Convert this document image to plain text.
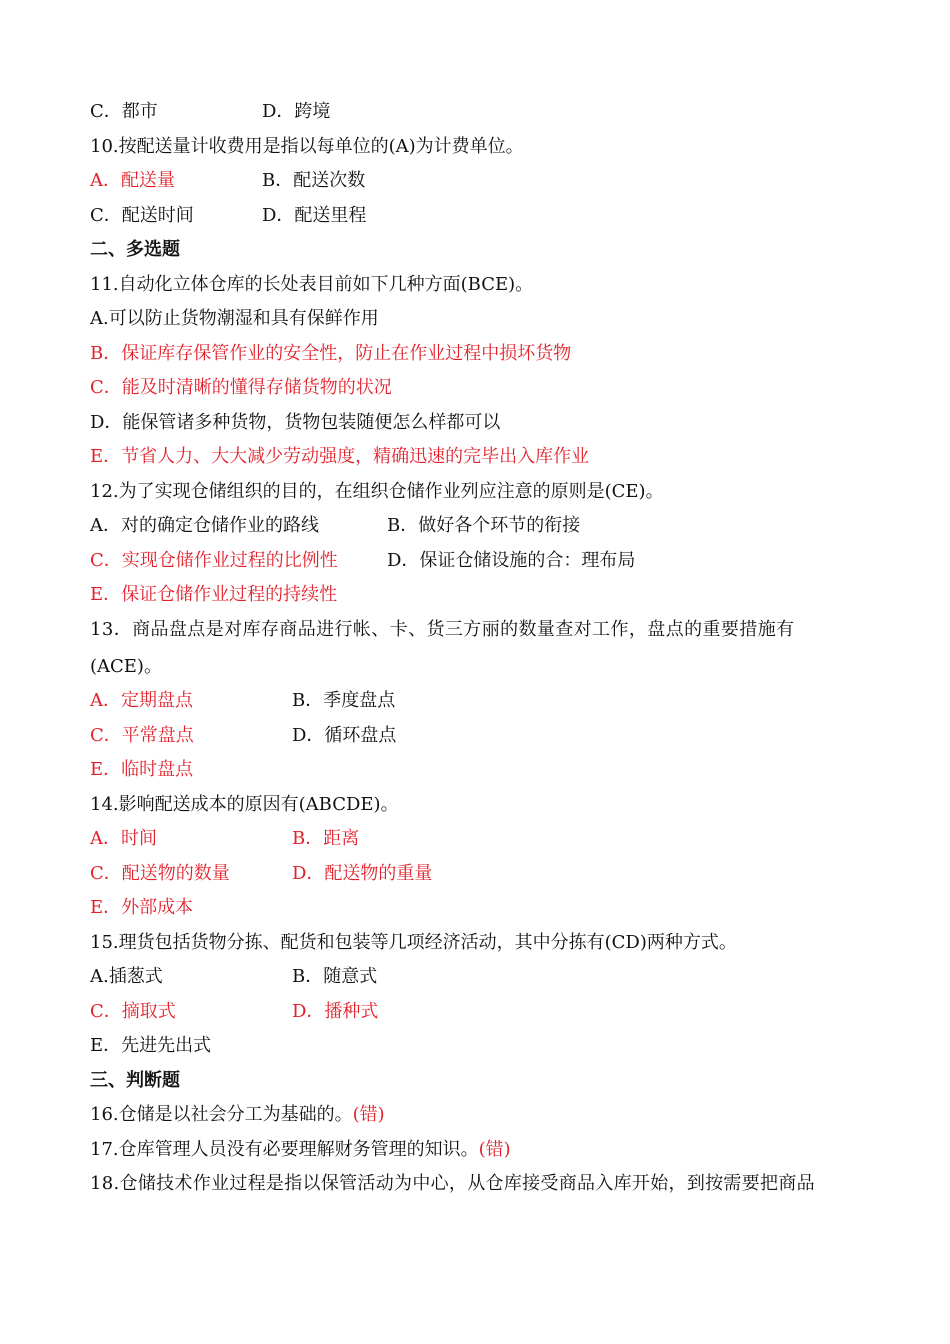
C．都市	D．跨境
10.按配送量计收费用是指以每单位的(A)为计费单位。
A．配送量	B．配送次数
C．配送时间	D．配送里程
二、多选题
11.自动化立体仓库的长处表目前如下几种方面(BCE)。
A.可以防止货物潮湿和具有保鲜作用
B．保证库存保管作业的安全性，防止在作业过程中损坏货物
C．能及时清晰的懂得存储货物的状况
D．能保管诸多种货物，货物包装随便怎么样都可以
E．节省人力、大大减少劳动强度，精确迅速的完毕出入库作业
12.为了实现仓储组织的目的，在组织仓储作业列应注意的原则是(CE)。
A．对的确定仓储作业的路线	B．做好各个环节的衔接
C．实现仓储作业过程的比例性	D．保证仓储设施的合：理布局
E．保证仓储作业过程的持续性
13．商品盘点是对库存商品进行帐、卡、货三方丽的数量查对工作，盘点的重要措施有
(ACE)。
A．定期盘点	B．季度盘点
C．平常盘点	D．循环盘点
E．临时盘点
14.影响配送成本的原因有(ABCDE)。
A．时间	B．距离
C．配送物的数量	D．配送物的重量
E．外部成本
15.理货包括货物分拣、配货和包装等几项经济活动，其中分拣有(CD)两种方式。
A.插葱式	B．随意式
C．摘取式	D．播种式
E．先进先出式
三、判断题
16.仓储是以社会分工为基础的。(错)
17.仓库管理人员没有必要理解财务管理的知识。(错)
18.仓储技术作业过程是指以保管活动为中心，从仓库接受商品入库开始，到按需要把商品
